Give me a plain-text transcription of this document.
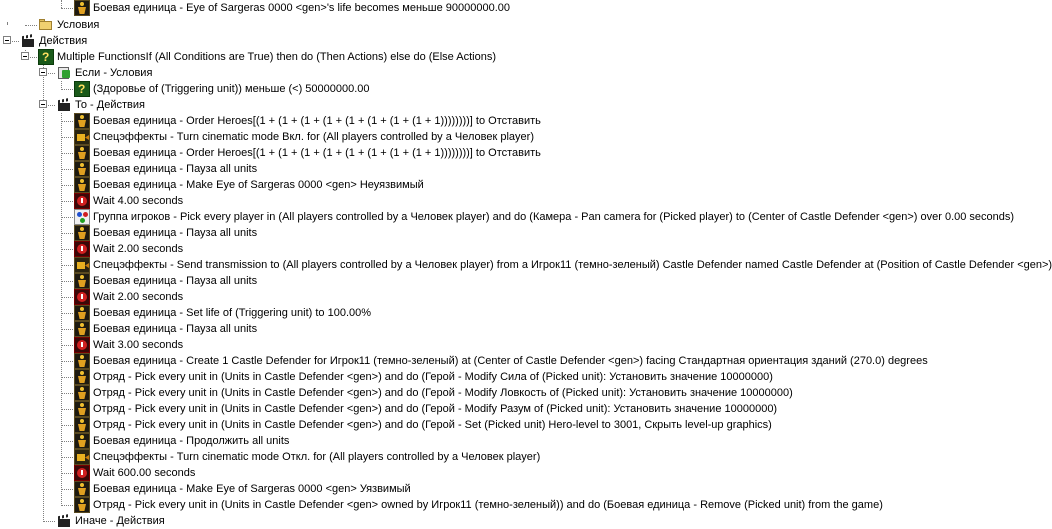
Боевая единица - Eye of Sargeras 0000 <gen>'s life becomes меньше 90000000.00
Условия
Действия
?
Multiple FunctionsIf (All Conditions are True) then do (Then Actions) else do (Else Actions)
Если - Условия
?
(Здоровье of (Triggering unit)) меньше (<) 50000000.00
То - Действия
Боевая единица - Order Heroes[(1 + (1 + (1 + (1 + (1 + (1 + (1 + (1 + 1))))))))] to Отставить
Спецэффекты - Turn cinematic mode Вкл. for (All players controlled by a Человек player)
Боевая единица - Order Heroes[(1 + (1 + (1 + (1 + (1 + (1 + (1 + (1 + 1))))))))] to Отставить
Боевая единица - Пауза all units
Боевая единица - Make Eye of Sargeras 0000 <gen> Неуязвимый
Wait 4.00 seconds
Группа игроков - Pick every player in (All players controlled by a Человек player) and do (Камера - Pan camera for (Picked player) to (Center of Castle Defender <gen>) over 0.00 seconds)
Боевая единица - Пауза all units
Wait 2.00 seconds
Спецэффекты - Send transmission to (All players controlled by a Человек player) from a Игрок11 (темно-зеленый) Castle Defender named Castle Defender at (Position of Castle Defender <gen>)
Боевая единица - Пауза all units
Wait 2.00 seconds
Боевая единица - Set life of (Triggering unit) to 100.00%
Боевая единица - Пауза all units
Wait 3.00 seconds
Боевая единица - Create 1 Castle Defender for Игрок11 (темно-зеленый) at (Center of Castle Defender <gen>) facing Стандартная ориентация зданий (270.0) degrees
Отряд - Pick every unit in (Units in Castle Defender <gen>) and do (Герой - Modify Сила of (Picked unit): Установить значение 10000000)
Отряд - Pick every unit in (Units in Castle Defender <gen>) and do (Герой - Modify Ловкость of (Picked unit): Установить значение 10000000)
Отряд - Pick every unit in (Units in Castle Defender <gen>) and do (Герой - Modify Разум of (Picked unit): Установить значение 10000000)
Отряд - Pick every unit in (Units in Castle Defender <gen>) and do (Герой - Set (Picked unit) Hero-level to 3001, Скрыть level-up graphics)
Боевая единица - Продолжить all units
Спецэффекты - Turn cinematic mode Откл. for (All players controlled by a Человек player)
Wait 600.00 seconds
Боевая единица - Make Eye of Sargeras 0000 <gen> Уязвимый
Отряд - Pick every unit in (Units in Castle Defender <gen> owned by Игрок11 (темно-зеленый)) and do (Боевая единица - Remove (Picked unit) from the game)
Иначе - Действия
